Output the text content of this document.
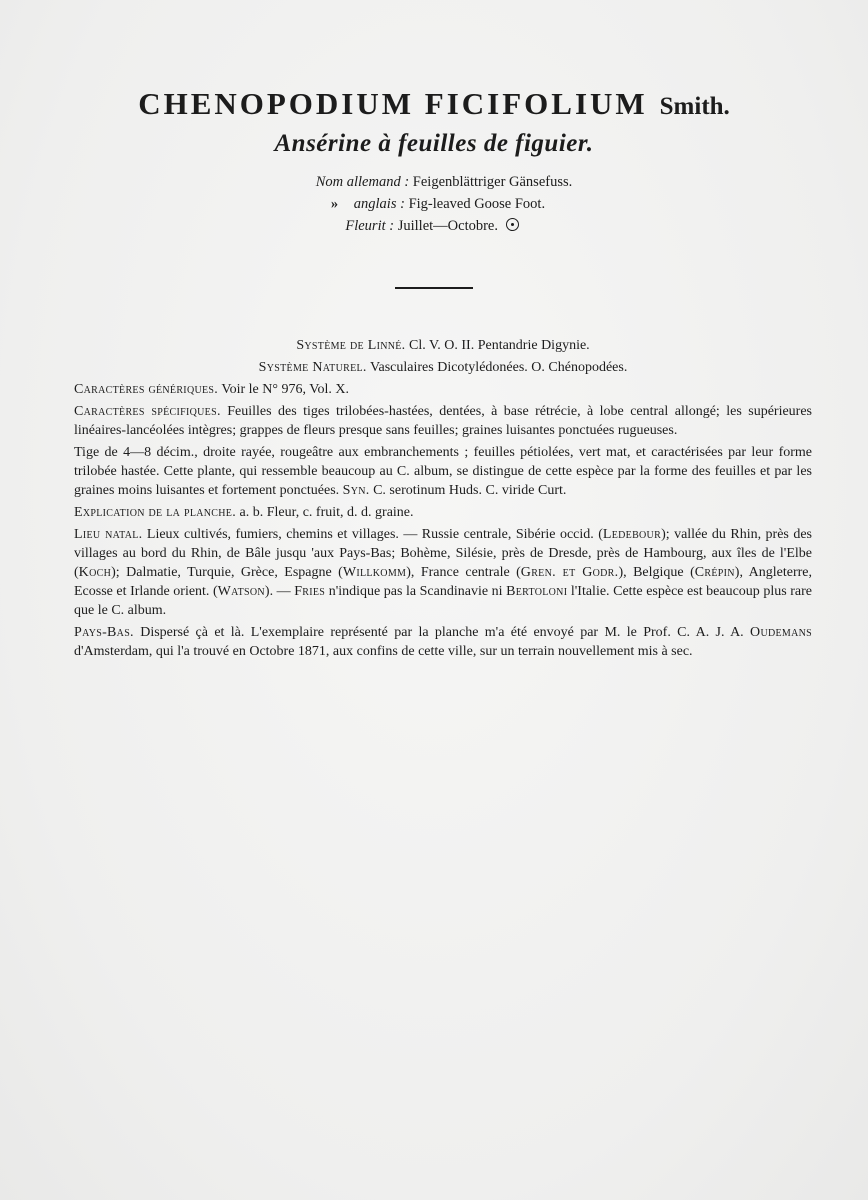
CHENOPODIUM FICIFOLIUM Smith.
Ansérine à feuilles de figuier.
Nom allemand : Feigenblättriger Gänsefuss.
» anglais : Fig-leaved Goose Foot.
Fleurit : Juillet—Octobre.

Système de Linné. Cl. V. O. II. Pentandrie Digynie.

Système Naturel. Vasculaires Dicotylédonées. O. Chénopodées.

Caractères génériques. Voir le N° 976, Vol. X.

Caractères spécifiques. Feuilles des tiges trilobées-hastées, dentées, à base rétrécie, à lobe central allongé; les supérieures linéaires-lancéolées intègres; grappes de fleurs presque sans feuilles; graines luisantes ponctuées rugueuses.

Tige de 4—8 décim., droite rayée, rougeâtre aux embranchements ; feuilles pétiolées, vert mat, et caractérisées par leur forme trilobée hastée. Cette plante, qui ressemble beaucoup au C. album, se distingue de cette espèce par la forme des feuilles et par les graines moins luisantes et fortement ponctuées. Syn. C. serotinum Huds. C. viride Curt.

Explication de la planche. a. b. Fleur, c. fruit, d. d. graine.

Lieu natal. Lieux cultivés, fumiers, chemins et villages. — Russie centrale, Sibérie occid. (Ledebour); vallée du Rhin, près des villages au bord du Rhin, de Bâle jusqu 'aux Pays-Bas; Bohème, Silésie, près de Dresde, près de Hambourg, aux îles de l'Elbe (Koch); Dalmatie, Turquie, Grèce, Espagne (Willkomm), France centrale (Gren. et Godr.), Belgique (Crépin), Angleterre, Ecosse et Irlande orient. (Watson). — Fries n'indique pas la Scandinavie ni Bertoloni l'Italie. Cette espèce est beaucoup plus rare que le C. album.

Pays-Bas. Dispersé çà et là. L'exemplaire représenté par la planche m'a été envoyé par M. le Prof. C. A. J. A. Oudemans d'Amsterdam, qui l'a trouvé en Octobre 1871, aux confins de cette ville, sur un terrain nouvellement mis à sec.
